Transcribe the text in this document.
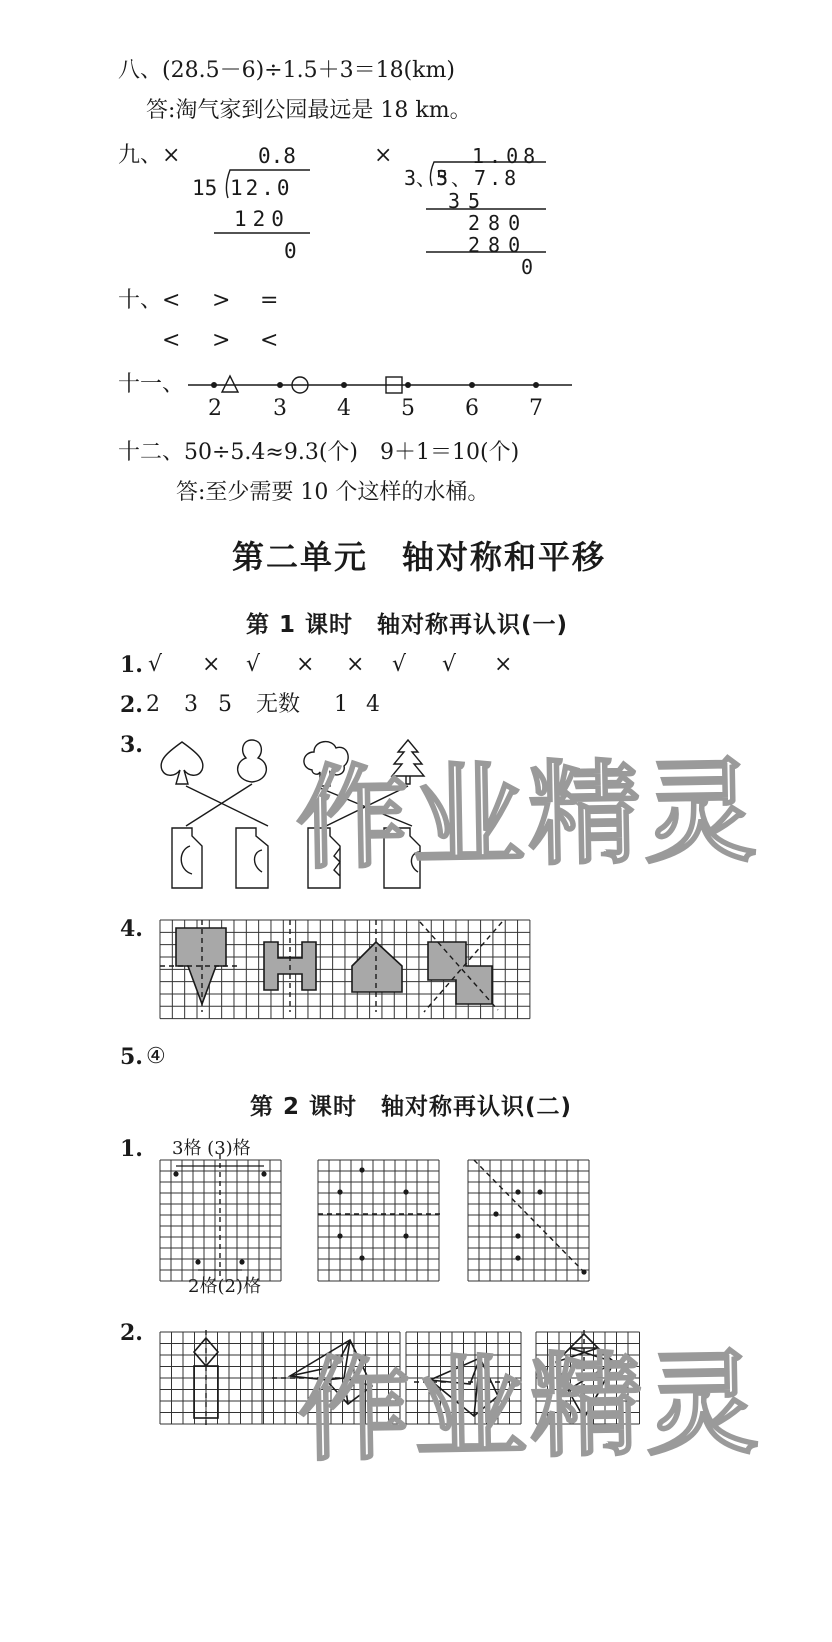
八、(28.5－6)÷1.5＋3＝18(km)
答:淘气家到公园最远是 18 km。
九、×	0.8
15 12.0
120
0
×	1.08
3、5
3、7.8
35
280
280
0
十、 < > =
< > <
十一、
2 3 4 5 6 7
十二、50÷5.4≈9.3(个)　9＋1＝10(个)
答:至少需要 10 个这样的水桶。
第二单元　轴对称和平移
第 1 课时　轴对称再认识(一)
1. √ × √ × × √ √ ×
2. 2 3 5 无数 1 4
3.
4.
5. ④
第 2 课时　轴对称再认识(二)
1. 3格 (3)格
2格(2)格
2.
作业精灵
作业精灵
